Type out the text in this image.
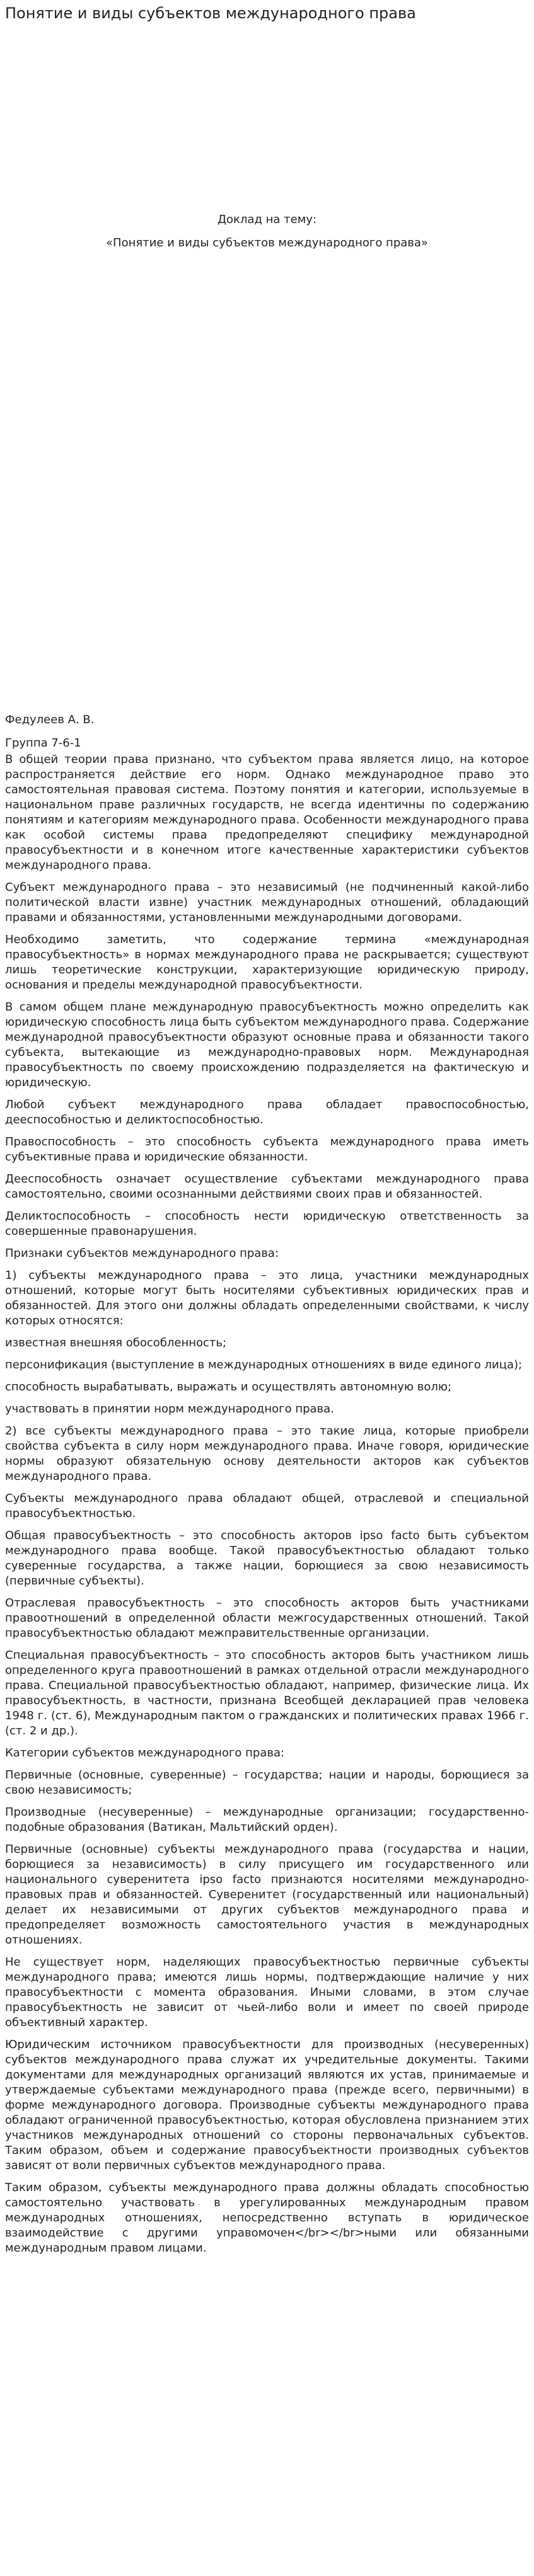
Понятие и виды субъектов международного права

Доклад на тему:

«Понятие и виды субъектов международного права»

Федулеев А. В.

Группа 7-6-1

В общей теории права признано, что субъектом права является лицо, на которое распространяется действие его норм. Однако международное право это самостоятельная правовая система. Поэтому понятия и категории, используемые в национальном праве различных государств, не всегда идентичны по содержанию понятиям и категориям международного права. Особенности международного права как особой системы права предопределяют специфику международной правосубъектности и в конечном итоге качественные характеристики субъектов международного права.

Субъект международного права – это независимый (не подчиненный какой-либо политической власти извне) участник международных отношений, обладающий правами и обязанностями, установленными международными договорами.

Необходимо заметить, что содержание термина «международная правосубъектность» в нормах международного права не раскрывается; существуют лишь теоретические конструкции, характеризующие юридическую природу, основания и пределы международной правосубъектности.

В самом общем плане международную правосубъектность можно определить как юридическую способность лица быть субъектом международного права. Содержание международной правосубъектности образуют основные права и обязанности такого субъекта, вытекающие из международно-правовых норм. Международная правосубъектность по своему происхождению подразделяется на фактическую и юридическую.

Любой субъект международного права обладает правоспособностью, дееспособностью и деликтоспособностью.

Правоспособность – это способность субъекта международного права иметь субъективные права и юридические обязанности.

Дееспособность означает осуществление субъектами международного права самостоятельно, своими осознанными действиями своих прав и обязанностей.

Деликтоспособность – способность нести юридическую ответственность за совершенные правонарушения.

Признаки субъектов международного права:

1) субъекты международного права – это лица, участники международных отношений, которые могут быть носителями субъективных юридических прав и обязанностей. Для этого они должны обладать определенными свойствами, к числу которых относятся:

известная внешняя обособленность;

персонификация (выступление в международных отношениях в виде единого лица);

способность вырабатывать, выражать и осуществлять автономную волю;

участвовать в принятии норм международного права.

2) все субъекты международного права – это такие лица, которые приобрели свойства субъекта в силу норм международного права. Иначе говоря, юридические нормы образуют обязательную основу деятельности акторов как субъектов международного права.

Субъекты международного права обладают общей, отраслевой и специальной правосубъектностью.

Общая правосубъектность – это способность акторов ipso facto быть субъектом международного права вообще. Такой правосубъектностью обладают только суверенные государства, а также нации, борющиеся за свою независимость (первичные субъекты).

Отраслевая правосубъектность – это способность акторов быть участниками правоотношений в определенной области межгосударственных отношений. Такой правосубъектностью обладают межправительственные организации.

Специальная правосубъектность – это способность акторов быть участником лишь определенного круга правоотношений в рамках отдельной отрасли международного права. Специальной правосубъектностью обладают, например, физические лица. Их правосубъектность, в частности, признана Всеобщей декларацией прав человека 1948 г. (ст. 6), Международным пактом о гражданских и политических правах 1966 г. (ст. 2 и др.).

Категории субъектов международного права:

Первичные (основные, суверенные) – государства; нации и народы, борющиеся за свою независимость;

Производные (несуверенные) – международные организации; государственно-подобные образования (Ватикан, Мальтийский орден).

Первичные (основные) субъекты международного права (государства и нации, борющиеся за независимость) в силу присущего им государственного или национального суверенитета ipso facto признаются носителями международно-правовых прав и обязанностей. Суверенитет (государственный или национальный) делает их независимыми от других субъектов международного права и предопределяет возможность самостоятельного участия в международных отношениях.

Не существует норм, наделяющих правосубъектностью первичные субъекты международного права; имеются лишь нормы, подтверждающие наличие у них правосубъектности с момента образования. Иными словами, в этом случае правосубъектность не зависит от чьей-либо воли и имеет по своей природе объективный характер.

Юридическим источником правосубъектности для производных (несуверенных) субъектов международного права служат их учредительные документы. Такими документами для международных организаций являются их устав, принимаемые и утверждаемые субъектами международного права (прежде всего, первичными) в форме международного договора. Производные субъекты международного права обладают ограниченной правосубъектностью, которая обусловлена признанием этих участников международных отношений со стороны первоначальных субъектов. Таким образом, объем и содержание правосубъектности производных субъектов зависят от воли первичных субъектов международного права.

Таким образом, субъекты международного права должны обладать способностью самостоятельно участвовать в урегулированных международным правом международных отношениях, непосредственно вступать в юридическое взаимодействие с другими управомочен</br></br>ными или обязанными международным правом лицами.
